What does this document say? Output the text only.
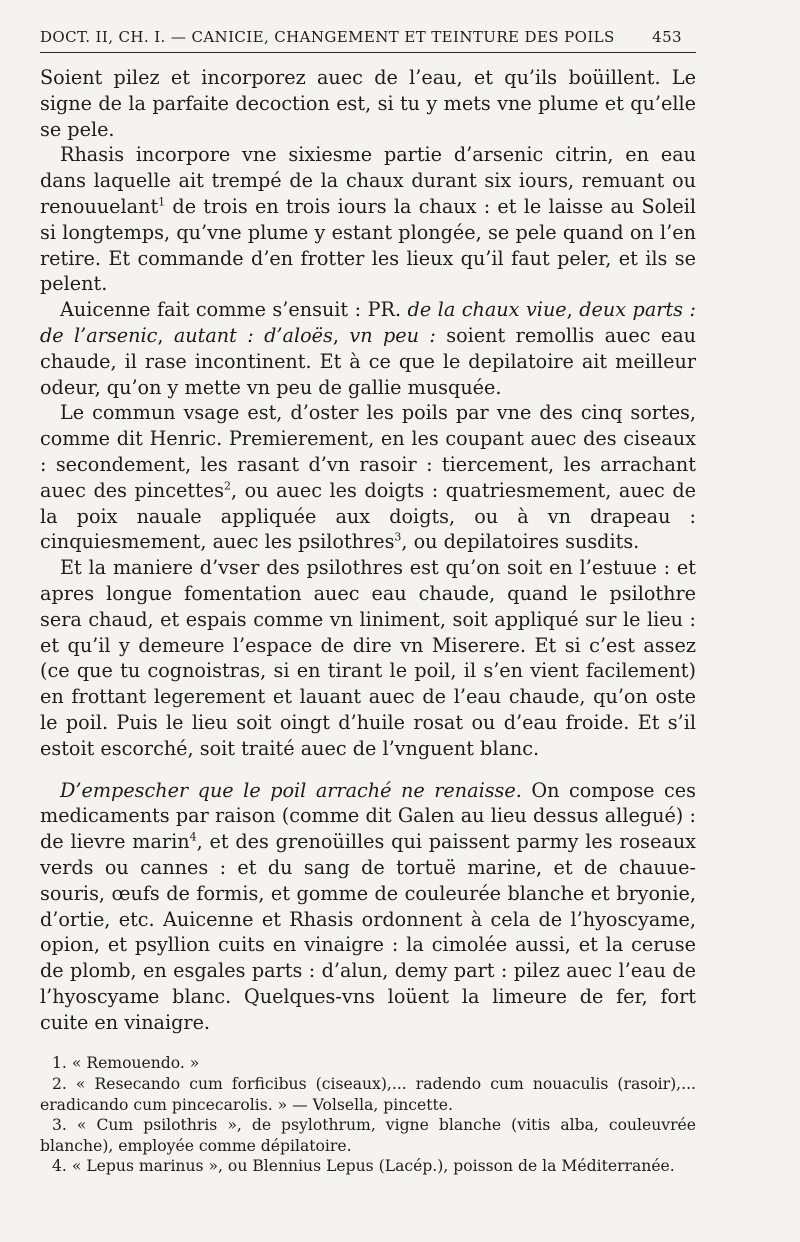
DOCT. II, CH. I. — CANICIE, CHANGEMENT ET TEINTURE DES POILS 453

Soient pilez et incorporez auec de l’eau, et qu’ils boüillent. Le signe de la parfaite decoction est, si tu y mets vne plume et qu’elle se pele.

Rhasis incorpore vne sixiesme partie d’arsenic citrin, en eau dans laquelle ait trempé de la chaux durant six iours, remuant ou renouuelant$^1$ de trois en trois iours la chaux : et le laisse au Soleil si longtemps, qu’vne plume y estant plongée, se pele quand on l’en retire. Et commande d’en frotter les lieux qu’il faut peler, et ils se pelent.

Auicenne fait comme s’ensuit : PR. de la chaux viue, deux parts : de l’arsenic, autant : d’aloës, vn peu : soient remollis auec eau chaude, il rase incontinent. Et à ce que le depilatoire ait meilleur odeur, qu’on y mette vn peu de gallie musquée.

Le commun vsage est, d’oster les poils par vne des cinq sortes, comme dit Henric. Premierement, en les coupant auec des ciseaux : secondement, les rasant d’vn rasoir : tiercement, les arrachant auec des pincettes$^2$, ou auec les doigts : quatriesmement, auec de la poix nauale appliquée aux doigts, ou à vn drapeau : cinquiesmement, auec les psilothres$^3$, ou depilatoires susdits.

Et la maniere d’vser des psilothres est qu’on soit en l’estuue : et apres longue fomentation auec eau chaude, quand le psilothre sera chaud, et espais comme vn liniment, soit appliqué sur le lieu : et qu’il y demeure l’espace de dire vn Miserere. Et si c’est assez (ce que tu cognoistras, si en tirant le poil, il s’en vient facilement) en frottant legerement et lauant auec de l’eau chaude, qu’on oste le poil. Puis le lieu soit oingt d’huile rosat ou d’eau froide. Et s’il estoit escorché, soit traité auec de l’vnguent blanc.

D’empescher que le poil arraché ne renaisse. On compose ces medicaments par raison (comme dit Galen au lieu dessus allegué) : de lievre marin$^4$, et des grenoüilles qui paissent parmy les roseaux verds ou cannes : et du sang de tortuë marine, et de chauue-souris, œufs de formis, et gomme de couleurée blanche et bryonie, d’ortie, etc. Auicenne et Rhasis ordonnent à cela de l’hyoscyame, opion, et psyllion cuits en vinaigre : la cimolée aussi, et la ceruse de plomb, en esgales parts : d’alun, demy part : pilez auec l’eau de l’hyoscyame blanc. Quelques-vns loüent la limeure de fer, fort cuite en vinaigre.

1. « Remouendo. »

2. « Resecando cum forficibus (ciseaux),... radendo cum nouaculis (rasoir),... eradicando cum pincecarolis. » — Volsella, pincette.

3. « Cum psilothris », de psylothrum, vigne blanche (vitis alba, couleuvrée blanche), employée comme dépilatoire.

4. « Lepus marinus », ou Blennius Lepus (Lacép.), poisson de la Méditerranée.
